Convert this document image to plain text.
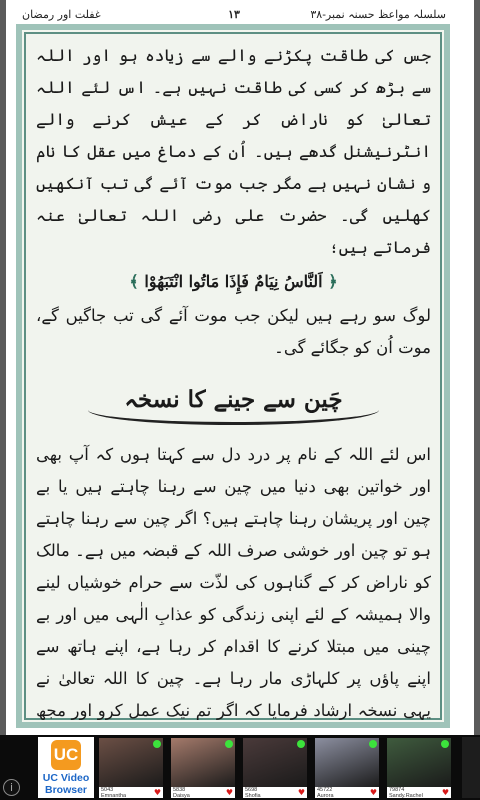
سلسلہ مواعظ حسنہ نمبر-۳۸
۱۳
غفلت اور رمضان

جس کی طاقت پکڑنے والے سے زیادہ ہو اور اللہ سے بڑھ کر کسی کی طاقت نہیں ہے۔ اس لئے اللہ تعالیٰ کو ناراض کر کے عیش کرنے والے انٹرنیشنل گدھے ہیں۔ اُن کے دماغ میں عقل کا نام و نشان نہیں ہے مگر جب موت آئے گی تب آنکھیں کھلیں گی۔ حضرت علی رضی اللہ تعالیٰ عنہ فرماتے ہیں؛

﴿ اَلنَّاسُ نِيَامٌ فَإِذَا مَاتُوا انْتَبَهُوْا ﴾

لوگ سو رہے ہیں لیکن جب موت آئے گی تب جاگیں گے، موت اُن کو جگائے گی۔

چَین سے جینے کا نسخہ

اس لئے اللہ کے نام پر درد دل سے کہتا ہوں کہ آپ بھی اور خواتین بھی دنیا میں چین سے رہنا چاہتے ہیں یا بے چین اور پریشان رہنا چاہتے ہیں؟ اگر چین سے رہنا چاہتے ہو تو چین اور خوشی صرف اللہ کے قبضہ میں ہے۔ مالک کو ناراض کر کے گناہوں کی لذّت سے حرام خوشیاں لینے والا ہمیشہ کے لئے اپنی زندگی کو عذابِ الٰہی میں اور بے چینی میں مبتلا کرنے کا اقدام کر رہا ہے، اپنے ہاتھ سے اپنے پاؤں پر کلہاڑی مار رہا ہے۔ چین کا اللہ تعالیٰ نے یہی نسخہ ارشاد فرمایا کہ اگر تم نیک عمل کرو اور مجھ

i
UC
UC Video
Browser	5043
Emnantha	♥ 5838
Daisya	♥ 5698
Shofia	♥ 45722
Aurora	♥ 79874
Sandy.Rachel ♥
